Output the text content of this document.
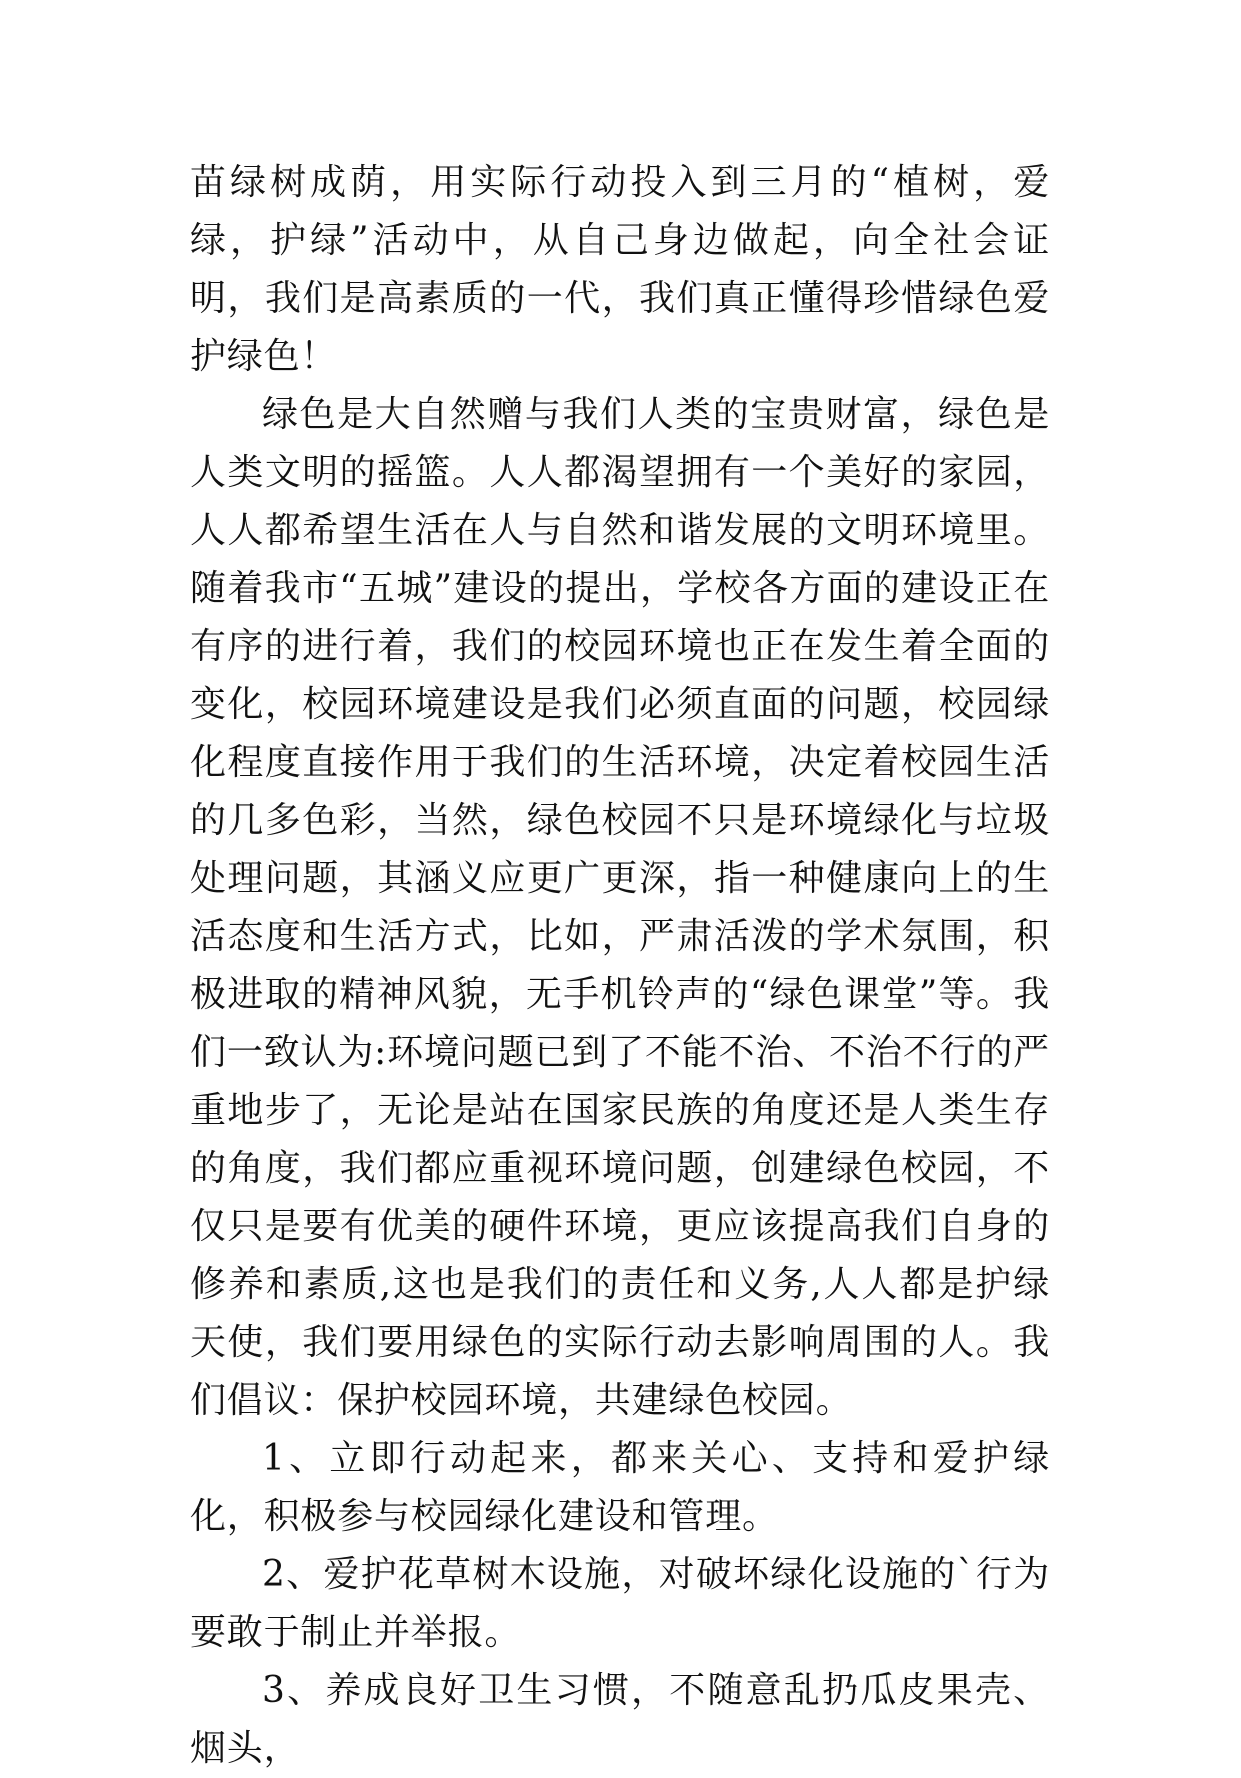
苗绿树成荫，用实际行动投入到三月的“植树，爱绿，护绿”活动中，从自己身边做起，向全社会证明，我们是高素质的一代，我们真正懂得珍惜绿色爱护绿色！

绿色是大自然赠与我们人类的宝贵财富，绿色是人类文明的摇篮。人人都渴望拥有一个美好的家园，人人都希望生活在人与自然和谐发展的文明环境里。随着我市“五城”建设的提出，学校各方面的建设正在有序的进行着，我们的校园环境也正在发生着全面的变化，校园环境建设是我们必须直面的问题，校园绿化程度直接作用于我们的生活环境，决定着校园生活的几多色彩，当然，绿色校园不只是环境绿化与垃圾处理问题，其涵义应更广更深，指一种健康向上的生活态度和生活方式，比如，严肃活泼的学术氛围，积极进取的精神风貌，无手机铃声的“绿色课堂”等。我们一致认为:环境问题已到了不能不治、不治不行的严重地步了，无论是站在国家民族的角度还是人类生存的角度，我们都应重视环境问题，创建绿色校园，不仅只是要有优美的硬件环境，更应该提高我们自身的修养和素质,这也是我们的责任和义务,人人都是护绿天使，我们要用绿色的实际行动去影响周围的人。我们倡议：保护校园环境，共建绿色校园。

1、立即行动起来，都来关心、支持和爱护绿化，积极参与校园绿化建设和管理。

2、爱护花草树木设施，对破坏绿化设施的`行为要敢于制止并举报。

3、养成良好卫生习惯，不随意乱扔瓜皮果壳、烟头，
